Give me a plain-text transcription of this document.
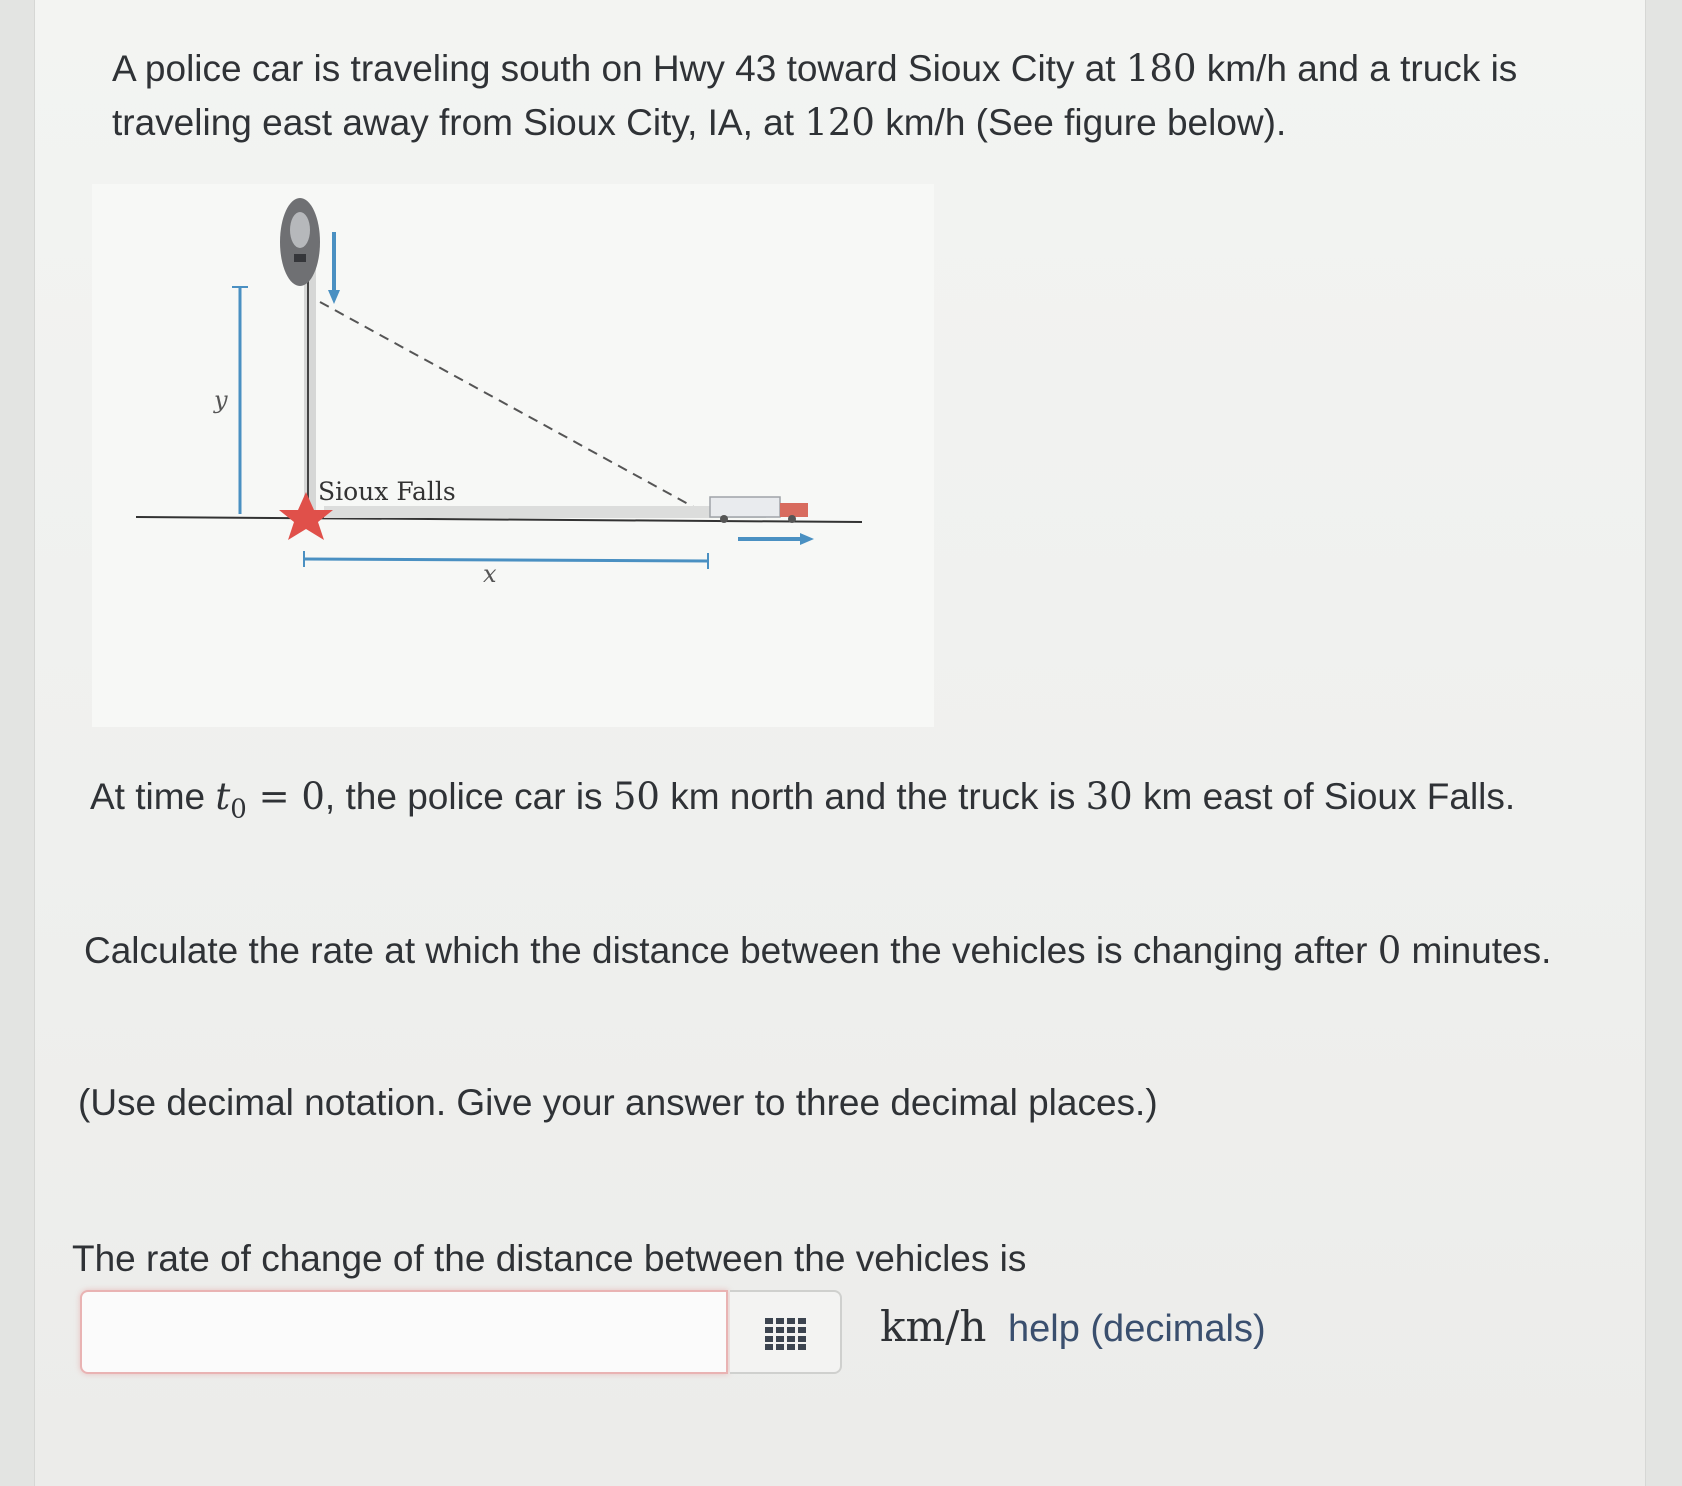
A police car is traveling south on Hwy 43 toward Sioux City at 180 km/h and a truck is traveling east away from Sioux City, IA, at 120 km/h (See figure below).

y
Sioux Falls
x

At time $t_0 = 0$, the police car is 50 km north and the truck is 30 km east of Sioux Falls.

Calculate the rate at which the distance between the vehicles is changing after 0 minutes.

(Use decimal notation. Give your answer to three decimal places.)

The rate of change of the distance between the vehicles is

km/h help (decimals)
